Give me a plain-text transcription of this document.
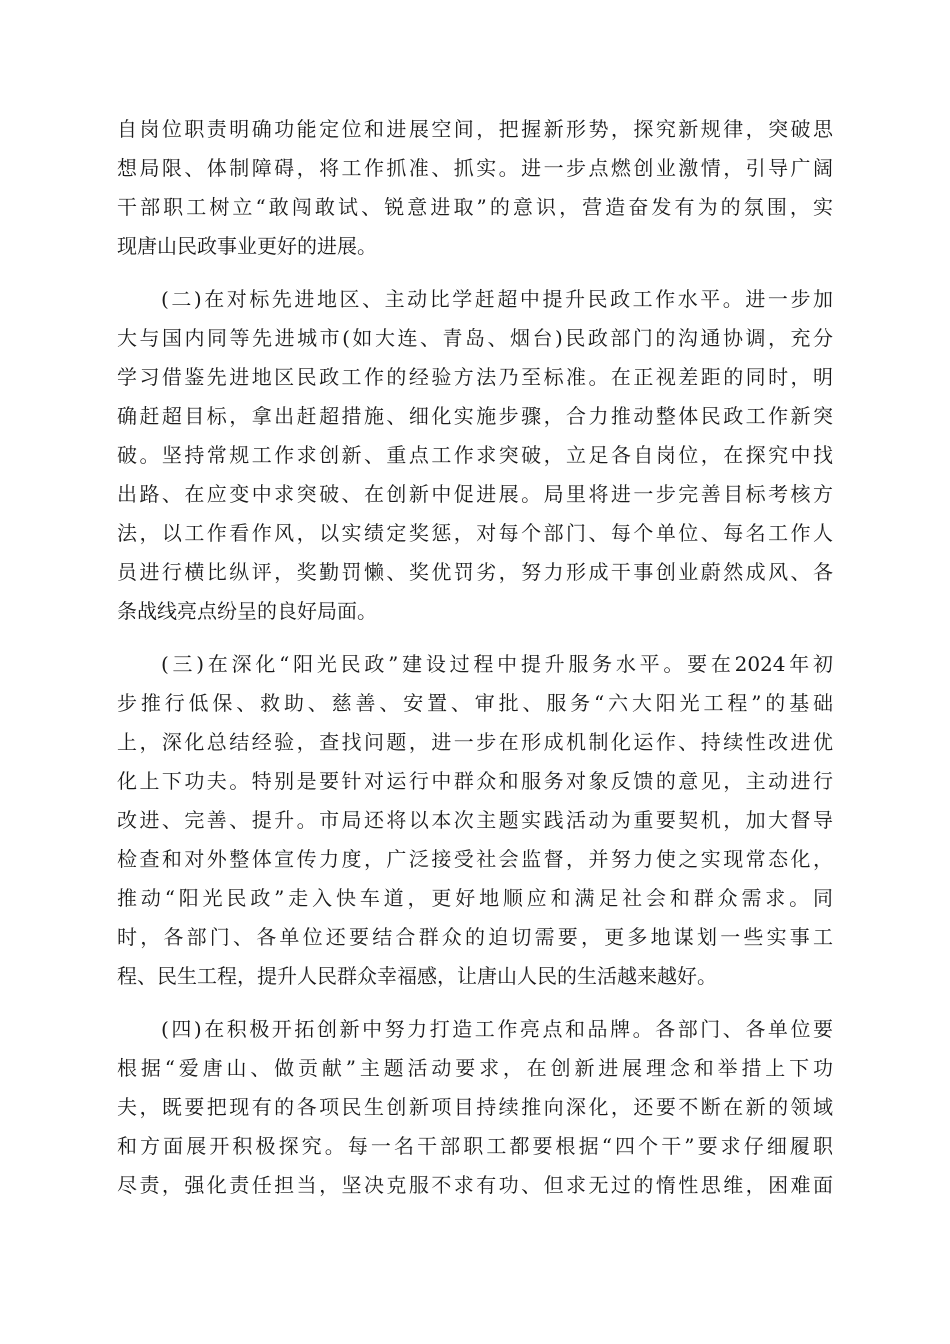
自岗位职责明确功能定位和进展空间，把握新形势，探究新规律，突破思
想局限、体制障碍，将工作抓准、抓实。进一步点燃创业激情，引导广阔
干部职工树立“敢闯敢试、锐意进取”的意识，营造奋发有为的氛围，实
现唐山民政事业更好的进展。
(二)在对标先进地区、主动比学赶超中提升民政工作水平。进一步加
大与国内同等先进城市(如大连、青岛、烟台)民政部门的沟通协调，充分
学习借鉴先进地区民政工作的经验方法乃至标准。在正视差距的同时，明
确赶超目标，拿出赶超措施、细化实施步骤，合力推动整体民政工作新突
破。坚持常规工作求创新、重点工作求突破，立足各自岗位，在探究中找
出路、在应变中求突破、在创新中促进展。局里将进一步完善目标考核方
法，以工作看作风，以实绩定奖惩，对每个部门、每个单位、每名工作人
员进行横比纵评，奖勤罚懒、奖优罚劣，努力形成干事创业蔚然成风、各
条战线亮点纷呈的良好局面。
(三)在深化“阳光民政”建设过程中提升服务水平。要在2024年初
步推行低保、救助、慈善、安置、审批、服务“六大阳光工程”的基础
上，深化总结经验，查找问题，进一步在形成机制化运作、持续性改进优
化上下功夫。特别是要针对运行中群众和服务对象反馈的意见，主动进行
改进、完善、提升。市局还将以本次主题实践活动为重要契机，加大督导
检查和对外整体宣传力度，广泛接受社会监督，并努力使之实现常态化，
推动“阳光民政”走入快车道，更好地顺应和满足社会和群众需求。同
时，各部门、各单位还要结合群众的迫切需要，更多地谋划一些实事工
程、民生工程，提升人民群众幸福感，让唐山人民的生活越来越好。
(四)在积极开拓创新中努力打造工作亮点和品牌。各部门、各单位要
根据“爱唐山、做贡献”主题活动要求，在创新进展理念和举措上下功
夫，既要把现有的各项民生创新项目持续推向深化，还要不断在新的领域
和方面展开积极探究。每一名干部职工都要根据“四个干”要求仔细履职
尽责，强化责任担当，坚决克服不求有功、但求无过的惰性思维，困难面
